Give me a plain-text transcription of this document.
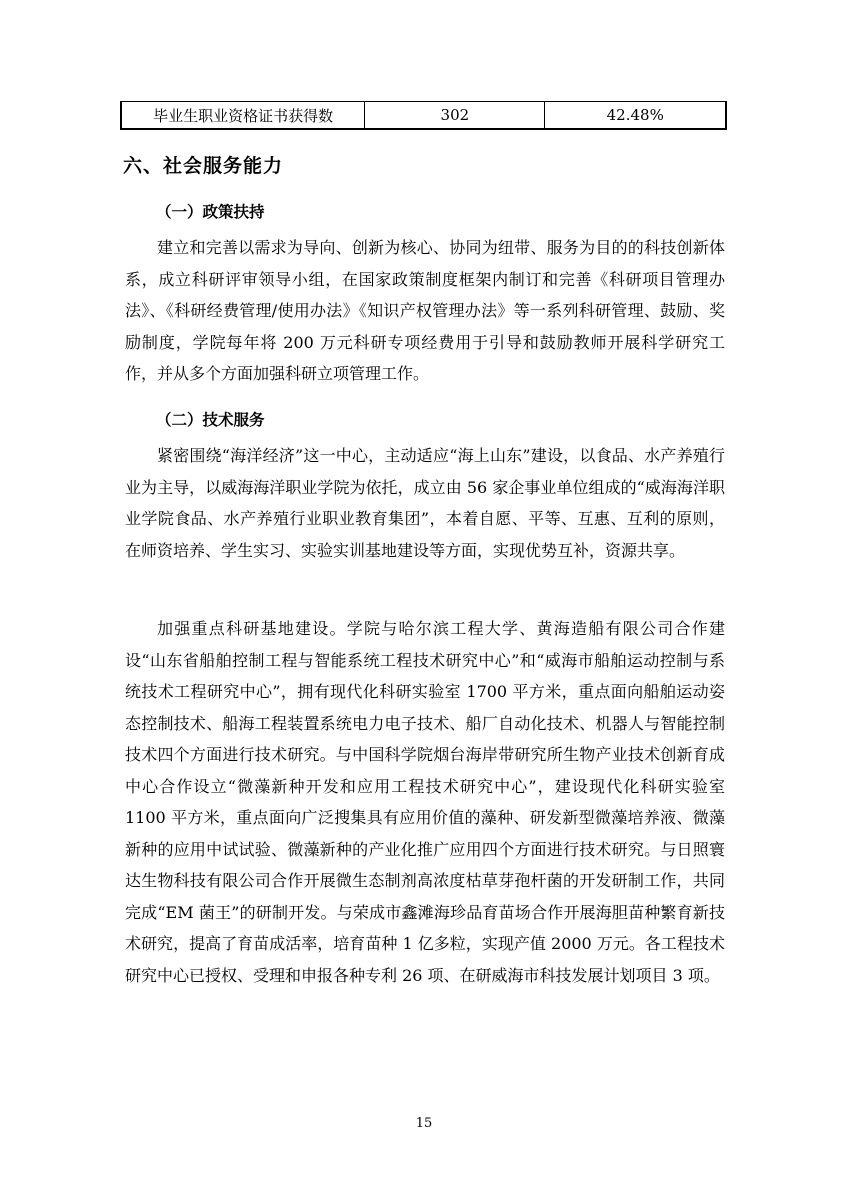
毕业生职业资格证书获得数	302	42.48%
六、社会服务能力
（一）政策扶持

建立和完善以需求为导向、创新为核心、协同为纽带、服务为目的的科技创新体系，成立科研评审领导小组，在国家政策制度框架内制订和完善《科研项目管理办法》、《科研经费管理/使用办法》《知识产权管理办法》等一系列科研管理、鼓励、奖励制度，学院每年将 200 万元科研专项经费用于引导和鼓励教师开展科学研究工作，并从多个方面加强科研立项管理工作。

（二）技术服务

紧密围绕“海洋经济”这一中心，主动适应“海上山东”建设，以食品、水产养殖行业为主导，以威海海洋职业学院为依托，成立由 56 家企事业单位组成的“威海海洋职业学院食品、水产养殖行业职业教育集团”，本着自愿、平等、互惠、互利的原则，在师资培养、学生实习、实验实训基地建设等方面，实现优势互补，资源共享。

加强重点科研基地建设。学院与哈尔滨工程大学、黄海造船有限公司合作建设“山东省船舶控制工程与智能系统工程技术研究中心”和“威海市船舶运动控制与系统技术工程研究中心”，拥有现代化科研实验室 1700 平方米，重点面向船舶运动姿态控制技术、船海工程装置系统电力电子技术、船厂自动化技术、机器人与智能控制技术四个方面进行技术研究。与中国科学院烟台海岸带研究所生物产业技术创新育成中心合作设立“微藻新种开发和应用工程技术研究中心”，建设现代化科研实验室 1100 平方米，重点面向广泛搜集具有应用价值的藻种、研发新型微藻培养液、微藻新种的应用中试试验、微藻新种的产业化推广应用四个方面进行技术研究。与日照寰达生物科技有限公司合作开展微生态制剂高浓度枯草芽孢杆菌的开发研制工作，共同完成“EM 菌王”的研制开发。与荣成市鑫滩海珍品育苗场合作开展海胆苗种繁育新技术研究，提高了育苗成活率，培育苗种 1 亿多粒，实现产值 2000 万元。各工程技术研究中心已授权、受理和申报各种专利 26 项、在研威海市科技发展计划项目 3 项。

15
